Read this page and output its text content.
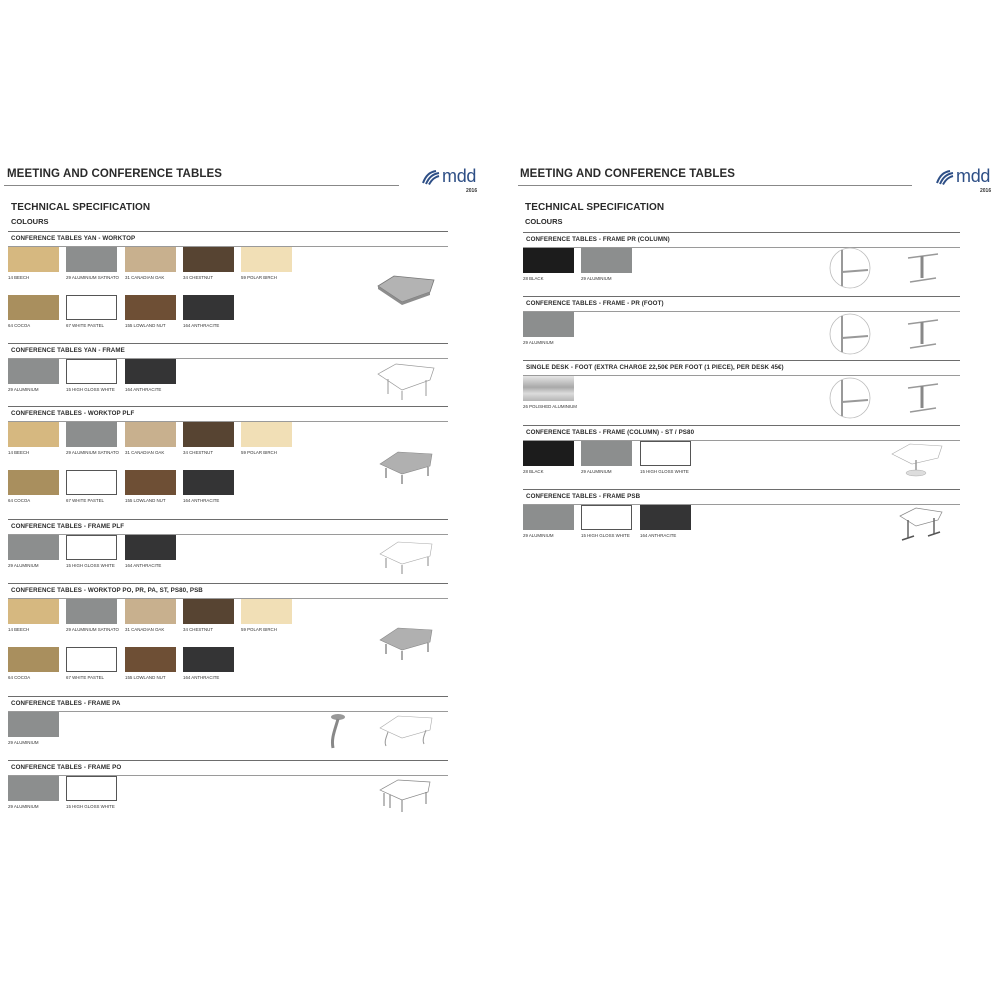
MEETING AND CONFERENCE TABLES	mdd
2016
TECHNICAL SPECIFICATION
COLOURS
CONFERENCE TABLES YAN - WORKTOP
14 BEECH	29 ALUMINIUM SATINATO	31 CANADIAN OAK	34 CHESTNUT	59 POLAR BIRCH
64 COCOA	67 WHITE PASTEL	155 LOWLAND NUT	164 ANTHRACITE
CONFERENCE TABLES YAN - FRAME
29 ALUMINIUM	15 HIGH GLOSS WHITE	164 ANTHRACITE
CONFERENCE TABLES - WORKTOP PLF
14 BEECH	29 ALUMINIUM SATINATO	31 CANADIAN OAK	34 CHESTNUT	59 POLAR BIRCH
64 COCOA	67 WHITE PASTEL	155 LOWLAND NUT	164 ANTHRACITE
CONFERENCE TABLES - FRAME PLF
29 ALUMINIUM	15 HIGH GLOSS WHITE	164 ANTHRACITE
CONFERENCE TABLES - WORKTOP PO, PR, PA, ST, PS80, PSB
14 BEECH	29 ALUMINIUM SATINATO	31 CANADIAN OAK	34 CHESTNUT	59 POLAR BIRCH
64 COCOA	67 WHITE PASTEL	155 LOWLAND NUT	164 ANTHRACITE
CONFERENCE TABLES - FRAME PA
29 ALUMINIUM
CONFERENCE TABLES - FRAME PO
29 ALUMINIUM	15 HIGH GLOSS WHITE
MEETING AND CONFERENCE TABLES	mdd
2016
TECHNICAL SPECIFICATION
COLOURS
CONFERENCE TABLES - FRAME PR (COLUMN)
28 BLACK	29 ALUMINIUM
CONFERENCE TABLES - FRAME - PR (FOOT)
29 ALUMINIUM
SINGLE DESK - FOOT (EXTRA CHARGE 22,50€ PER FOOT (1 PIECE), PER DESK 45€)
26 POLISHED ALUMINIUM
CONFERENCE TABLES - FRAME (COLUMN) - ST / PS80
28 BLACK	29 ALUMINIUM	15 HIGH GLOSS WHITE
CONFERENCE TABLES - FRAME PSB
29 ALUMINIUM	15 HIGH GLOSS WHITE	164 ANTHRACITE
